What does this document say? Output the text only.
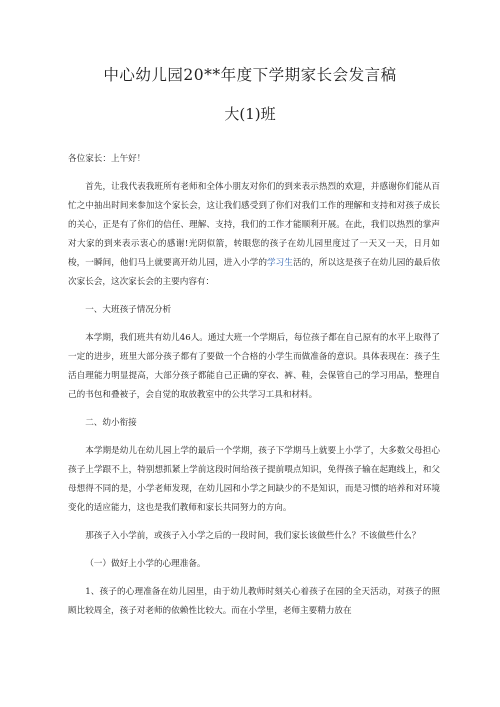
中心幼儿园20**年度下学期家长会发言稿
大(1)班

各位家长：上午好！

首先，让我代表我班所有老师和全体小朋友对你们的到来表示热烈的欢迎，并感谢你们能从百忙之中抽出时间来参加这个家长会，这让我们感受到了你们对我们工作的理解和支持和对孩子成长的关心，正是有了你们的信任、理解、支持，我们的工作才能顺利开展。在此，我们以热烈的掌声对大家的到来表示衷心的感谢!光阴似箭，转眼您的孩子在幼儿园里度过了一天又一天，日月如梭，一瞬间，他们马上就要离开幼儿园，进入小学的学习生活的，所以这是孩子在幼儿园的最后依次家长会，这次家长会的主要内容有：

一、大班孩子情况分析

本学期，我们班共有幼儿46人。通过大班一个学期后，每位孩子都在自己原有的水平上取得了一定的进步，班里大部分孩子都有了要做一个合格的小学生而做准备的意识。具体表现在：孩子生活自理能力明显提高，大部分孩子都能自己正确的穿衣、裤、鞋，会保管自己的学习用品，整理自己的书包和叠被子，会自觉的取放教室中的公共学习工具和材料。

二、幼小衔接

本学期是幼儿在幼儿园上学的最后一个学期，孩子下学期马上就要上小学了，大多数父母担心孩子上学跟不上，特别想抓紧上学前这段时间给孩子提前喂点知识，免得孩子输在起跑线上，和父母想得不同的是，小学老师发现，在幼儿园和小学之间缺少的不是知识，而是习惯的培养和对环境变化的适应能力，这也是我们教师和家长共同努力的方向。

那孩子入小学前，或孩子入小学之后的一段时间，我们家长该做些什么？不该做些什么？

（一）做好上小学的心理准备。

1、孩子的心理准备在幼儿园里，由于幼儿教师时刻关心着孩子在园的全天活动，对孩子的照顾比较周全，孩子对老师的依赖性比较大。而在小学里，老师主要精力放在
